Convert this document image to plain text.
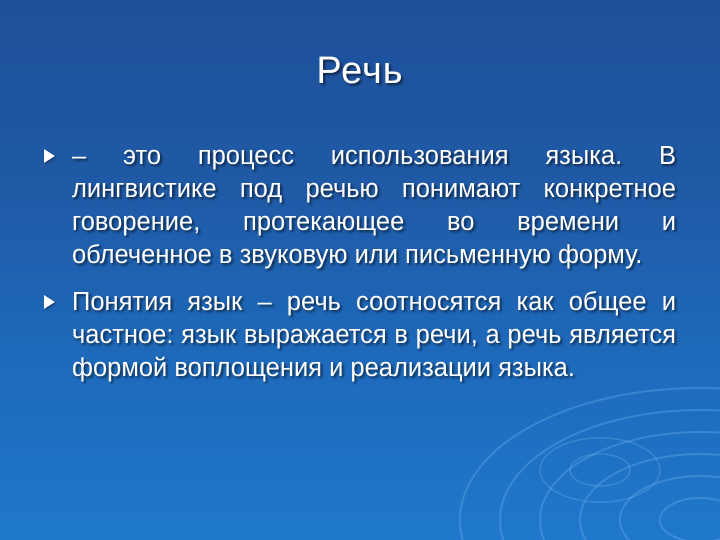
Речь
– это процесс использования языка. В лингвистике под речью понимают конкретное говорение, протекающее во времени и облеченное в звуковую или письменную форму.
Понятия язык – речь соотносятся как общее и частное: язык выражается в речи, а речь является формой воплощения и реализации языка.
